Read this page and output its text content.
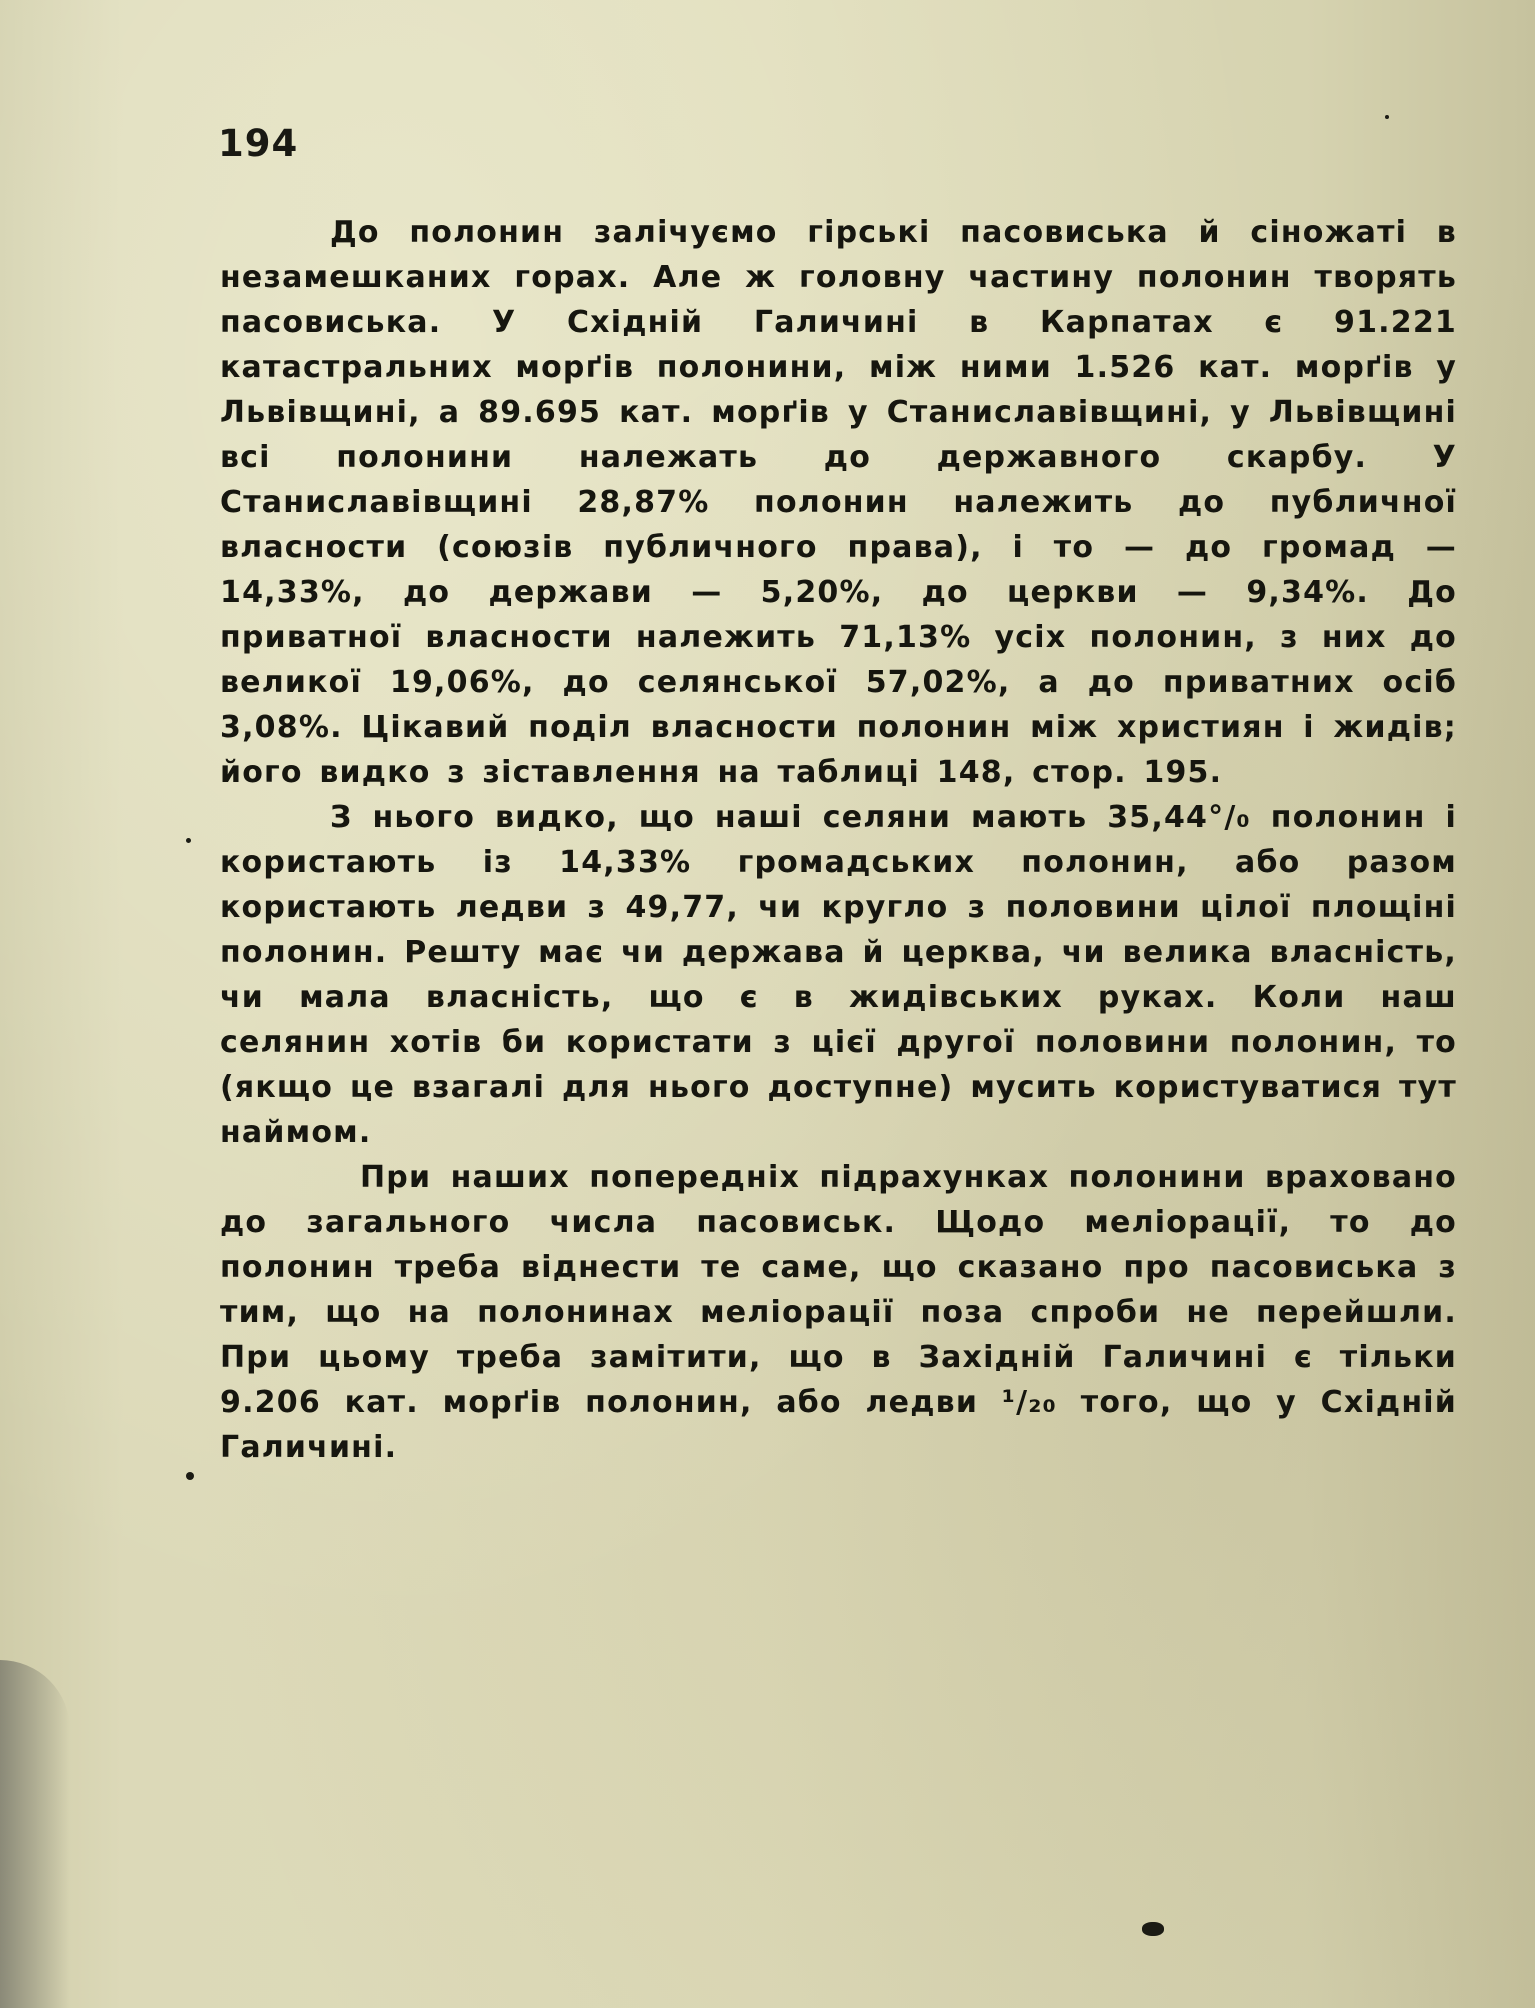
194

До полонин залічуємо гірські пасовиська й сіножаті в незамешканих горах. Але ж головну частину полонин творять пасовиська. У Східній Галичині в Карпатах є 91.221 катастральних морґів полонини, між ними 1.526 кат. морґів у Львівщині, а 89.695 кат. морґів у Станиславівщині, у Львівщині всі полонини належать до державного скарбу. У Станиславівщині 28,87% полонин належить до публичної власности (союзів публичного права), і то — до громад — 14,33%, до держави — 5,20%, до церкви — 9,34%. До приватної власности належить 71,13% усіх полонин, з них до великої 19,06%, до селянської 57,02%, а до приватних осіб 3,08%. Цікавий поділ власности полонин між християн і жидів; його видко з зіставлення на таблиці 148, стор. 195.

З нього видко, що наші селяни мають 35,44°/₀ полонин і користають із 14,33% громадських полонин, або разом користають ледви з 49,77, чи кругло з половини цілої площіні полонин. Решту має чи держава й церква, чи велика власність, чи мала власність, що є в жидівських руках. Коли наш селянин хотів би користати з цієї другої половини полонин, то (якщо це взагалі для нього доступне) мусить користуватися тут наймом.

При наших попередніх підрахунках полонини враховано до загального числа пасовиськ. Щодо меліорації, то до полонин треба віднести те саме, що сказано про пасовиська з тим, що на полонинах меліорації поза спроби не перейшли. При цьому треба замітити, що в Західній Галичині є тільки 9.206 кат. морґів полонин, або ледви ¹/₂₀ того, що у Східній Галичині.
